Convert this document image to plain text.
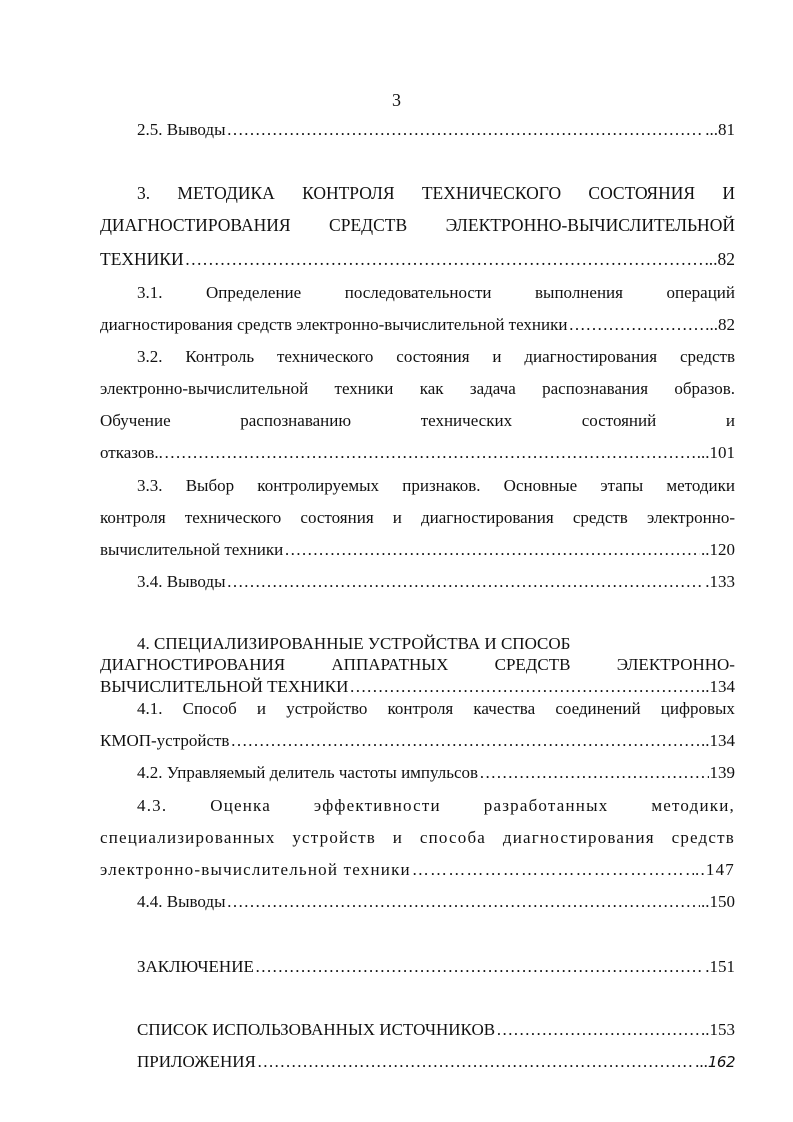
3
2.5. Выводы ………………………………………………………………………………………………………………………………………………………………………	...81
3. МЕТОДИКА КОНТРОЛЯ ТЕХНИЧЕСКОГО СОСТОЯНИЯ И
ДИАГНОСТИРОВАНИЯ СРЕДСТВ ЭЛЕКТРОННО-ВЫЧИСЛИТЕЛЬНОЙ
ТЕХНИКИ ………………………………………………………………………………………………………………………………………………………………………	..82
3.1.	Определение	последовательности	выполнения	операций
диагностирования средств электронно-вычислительной техники ………………………………………………………………………………………………………………………………………………………………………	..82
3.2. Контроль технического состояния и диагностирования средств
электронно-вычислительной техники как задача распознавания образов.
Обучение	распознаванию	технических	состояний	и
отказов.. ………………………………………………………………………………………………………………………………………………………………………	...101
3.3. Выбор контролируемых признаков. Основные этапы методики
контроля технического состояния и диагностирования средств электронно-
вычислительной техники ………………………………………………………………………………………………………………………………………………………………………	..120
3.4. Выводы ………………………………………………………………………………………………………………………………………………………………………	.133
4. СПЕЦИАЛИЗИРОВАННЫЕ УСТРОЙСТВА И СПОСОБ
ДИАГНОСТИРОВАНИЯ	АППАРАТНЫХ	СРЕДСТВ	ЭЛЕКТРОННО-
ВЫЧИСЛИТЕЛЬНОЙ ТЕХНИКИ ………………………………………………………………………………………………………………………………………………………………………	..134
4.1. Способ и устройство контроля качества соединений цифровых
КМОП-устройств ………………………………………………………………………………………………………………………………………………………………………	..134
4.2. Управляемый делитель частоты импульсов ………………………………………………………………………………………………………………………………………………………………………	139
4.3.	Оценка	эффективности	разработанных	методики,
специализированных устройств и способа диагностирования средств
электронно-вычислительной техники ………………………………………………………………………………………………………………………………………………………………………	..147
4.4. Выводы ………………………………………………………………………………………………………………………………………………………………………	..150
ЗАКЛЮЧЕНИЕ ………………………………………………………………………………………………………………………………………………………………………	.151
СПИСОК ИСПОЛЬЗОВАННЫХ ИСТОЧНИКОВ ………………………………………………………………………………………………………………………………………………………………………	..153
ПРИЛОЖЕНИЯ ………………………………………………………………………………………………………………………………………………………………………	... 162
